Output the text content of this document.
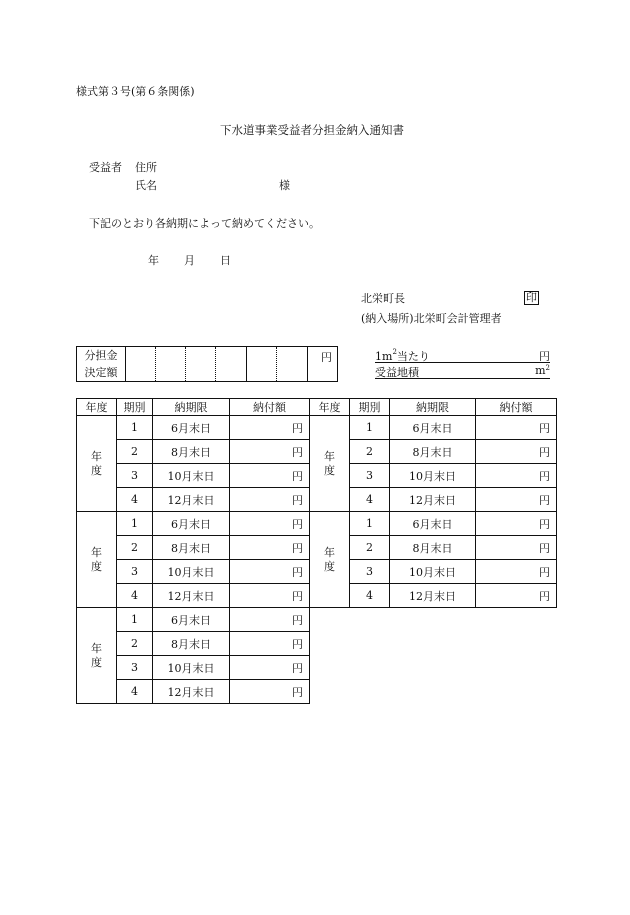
様式第３号(第６条関係)
下水道事業受益者分担金納入通知書
受益者 住所
氏名	様
下記のとおり各納期によって納めてください。
年 月 日
北栄町長	印
(納入場所)北栄町会計管理者
分担金
決定額
円	$1m^2$当たり	円
受益地積	$m^2$
年度	期別	納期限	納付額

年
度	1	6月末日	円
	2	8月末日	円
	3	10月末日	円
	4	12月末日	円

年
度	1	6月末日	円
	2	8月末日	円
	3	10月末日	円
	4	12月末日	円

年
度	1	6月末日	円
	2	8月末日	円
	3	10月末日	円
	4	12月末日	円
年度	期別	納期限	納付額

年
度	1	6月末日	円
	2	8月末日	円
	3	10月末日	円
	4	12月末日	円

年
度	1	6月末日	円
	2	8月末日	円
	3	10月末日	円
	4	12月末日	円
